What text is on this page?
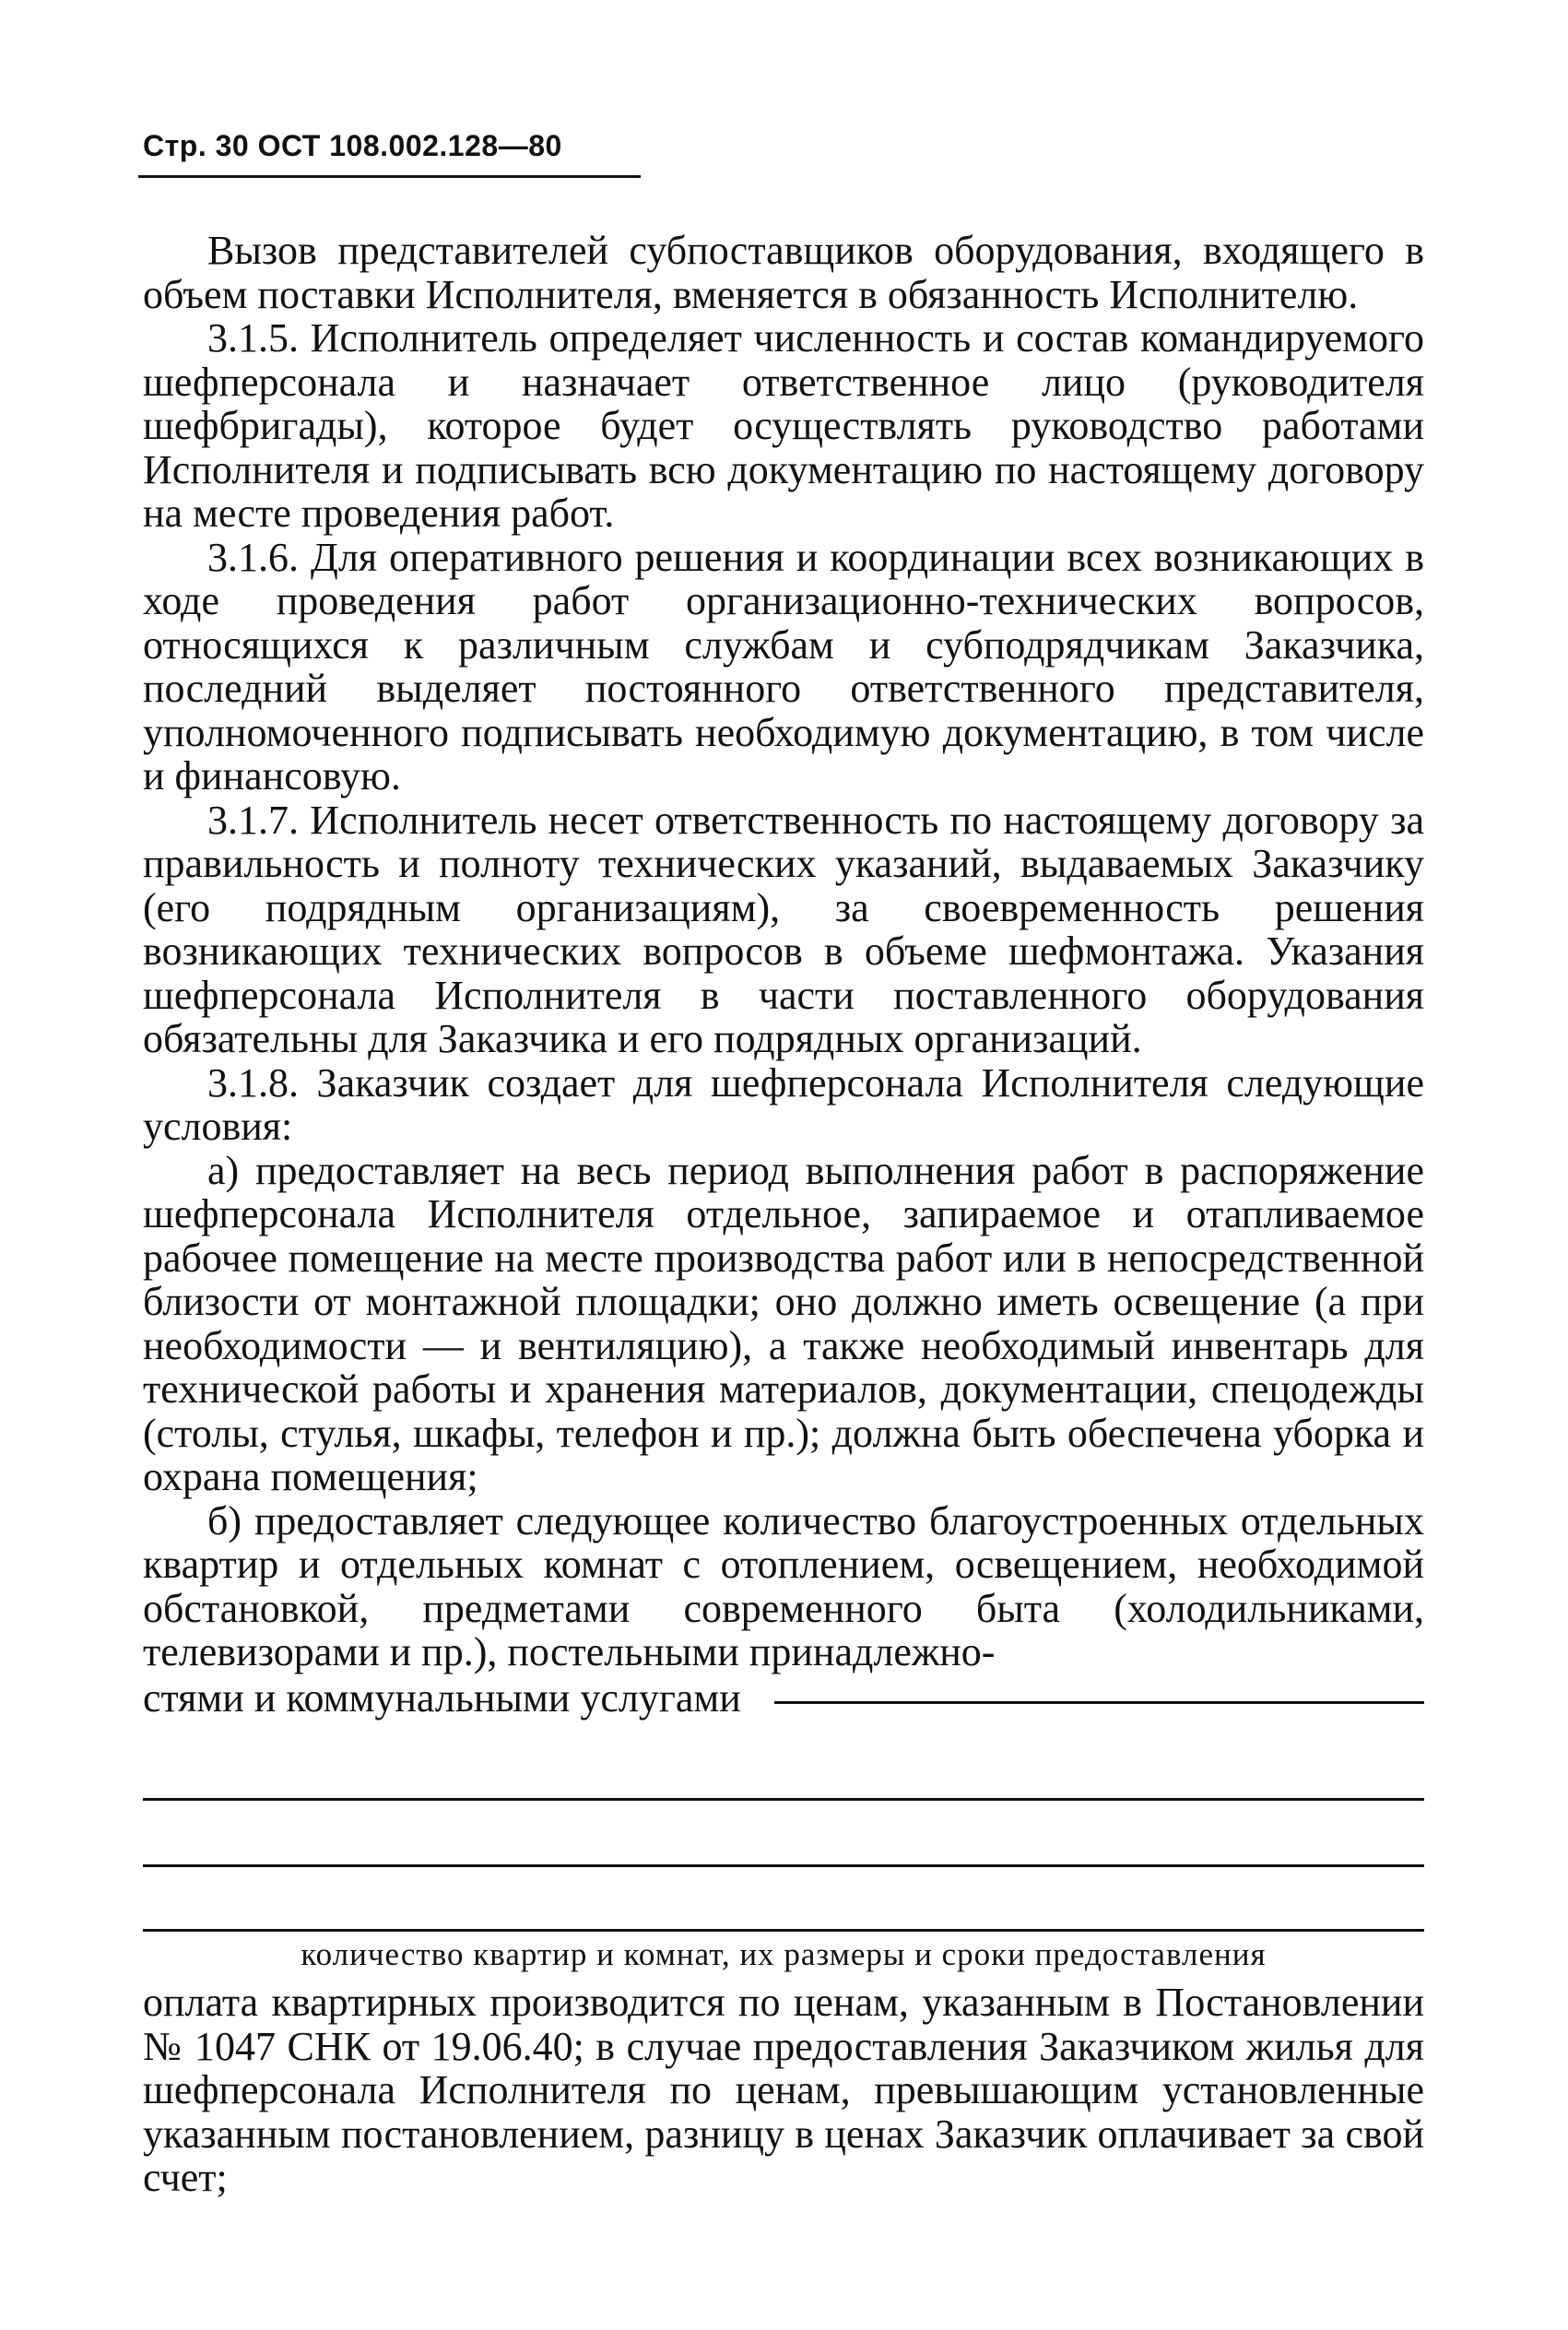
Стр. 30 ОСТ 108.002.128—80

Вызов представителей субпоставщиков оборудования, входящего в объем поставки Исполнителя, вменяется в обязанность Исполнителю.

3.1.5. Исполнитель определяет численность и состав командируемого шефперсонала и назначает ответственное лицо (руководителя шефбригады), которое будет осуществлять руководство работами Исполнителя и подписывать всю документацию по настоящему договору на месте проведения работ.

3.1.6. Для оперативного решения и координации всех возникающих в ходе проведения работ организационно-технических вопросов, относящихся к различным службам и субподрядчикам Заказчика, последний выделяет постоянного ответственного представителя, уполномоченного подписывать необходимую документацию, в том числе и финансовую.

3.1.7. Исполнитель несет ответственность по настоящему договору за правильность и полноту технических указаний, выдаваемых Заказчику (его подрядным организациям), за своевременность решения возникающих технических вопросов в объеме шефмонтажа. Указания шефперсонала Исполнителя в части поставленного оборудования обязательны для Заказчика и его подрядных организаций.

3.1.8. Заказчик создает для шефперсонала Исполнителя следующие условия:

а) предоставляет на весь период выполнения работ в распоряжение шефперсонала Исполнителя отдельное, запираемое и отапливаемое рабочее помещение на месте производства работ или в непосредственной близости от монтажной площадки; оно должно иметь освещение (а при необходимости — и вентиляцию), а также необходимый инвентарь для технической работы и хранения материалов, документации, спецодежды (столы, стулья, шкафы, телефон и пр.); должна быть обеспечена уборка и охрана помещения;

б) предоставляет следующее количество благоустроенных отдельных квартир и отдельных комнат с отоплением, освещением, необходимой обстановкой, предметами современного быта (холодильниками, телевизорами и пр.), постельными принадлежно-

стями и коммунальными услугами
количество квартир и комнат, их размеры и сроки предоставления

оплата квартирных производится по ценам, указанным в Постановлении № 1047 СНК от 19.06.40; в случае предоставления Заказчиком жилья для шефперсонала Исполнителя по ценам, превышающим установленные указанным постановлением, разницу в ценах Заказчик оплачивает за свой счет;
